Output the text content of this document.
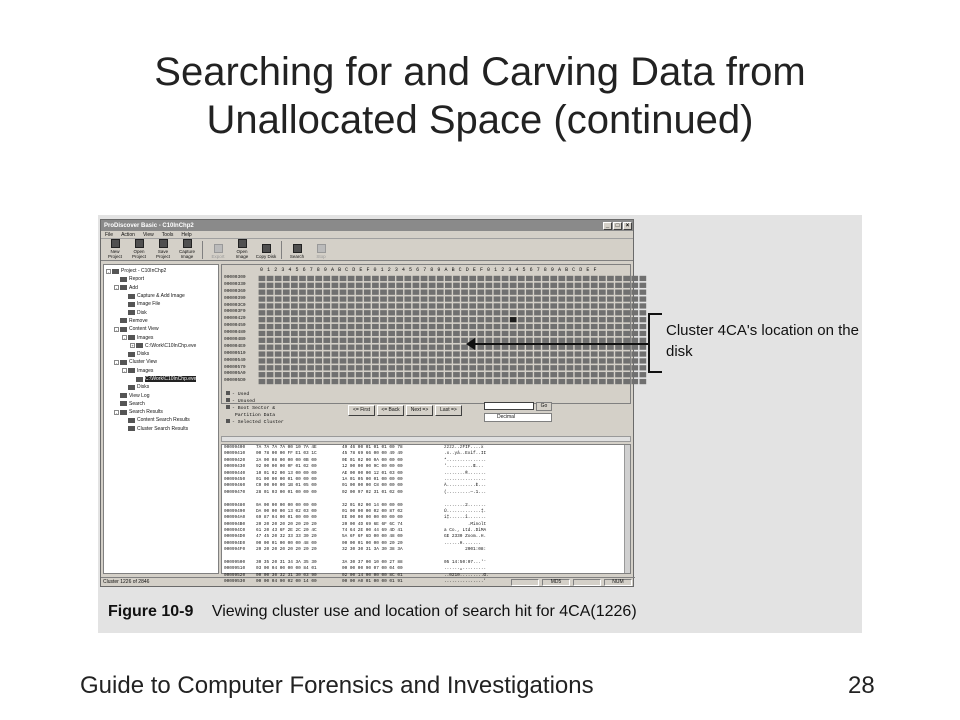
Searching for and Carving Data from
Unallocated Space (continued)
ProDiscover Basic - C10InChp2	_	□	×
File Action View Tools Help
New Project
Open Project
Save Project
Capture Image	Export
Open Image	Copy Disk	Search	Stop
-	Project - C10InChp2
Report
-	Add
Capture & Add Image
Image File
Disk
Remove
-	Content View
-	Images
+ C:\Work\C10InChp.eve
Disks
-	Cluster View
-	Images
C:\Work\C10InChp.eve
Disks
View Log
Search
-	Search Results
Content Search Results
Cluster Search Results
0 1 2 3 4 5 6 7 8 9 A B C D E F 0 1 2 3 4 5 6 7 8 9 A B C D E F 0 1 2 3 4 5 6 7 8 9 A B C D E F
00000300
00000330
00000360
00000390
000003C0
000003F0
00000420
00000450
00000480
000004B0
000004E0
00000510
00000540
00000570
000005A0
000005D0
- Used
- Unused
- Boot Sector &
Partition Data
- Selected Cluster
<= First	<= Back	Next =>	Last =>
Go
Decimal
00099400	7A 7A 7A 7A 00 10 7A 4E	49 46 00 01 01 01 00 78	zzzz..zFIF....x
00099410	00 78 00 00 FF E1 03 1C	45 78 69 66 00 00 49 49	.x..yá..Exif..II
00099420	2A 00 08 00 00 00 0B 00	0E 01 02 00 0A 00 00 00	*...............
00099430	92 00 00 00 0F 01 02 00	12 00 00 00 9C 00 00 00	'..........Œ...
00099440	10 01 02 00 13 00 00 00	AE 00 00 00 12 01 03 00	........®.......
00099450	01 00 00 00 01 00 00 00	1A 01 05 00 01 00 00 00	................
00099460	C0 00 00 00 1B 01 05 00	01 00 00 00 C8 00 00 00	À...........È...
00099470	28 01 03 00 01 00 00 00	02 00 97 02 31 01 02 00	(.........—.1...
00099480	0A 00 00 00 00 00 00 00	32 01 02 00 14 00 00 00	........2.......
00099490	DA 00 00 00 13 02 03 00	01 00 00 00 02 00 87 02	Ú.............‡.
000994A0	69 87 04 00 01 00 00 00	EE 00 00 00 00 00 00 00	i‡......î.......
000994B0	20 20 20 20 20 20 20 20	20 00 4D 69 6E 6F 6C 74	.Minolt
000994C0	61 20 43 6F 2E 2C 20 4C	74 64 2E 00 44 69 4D 41	a Co., Ltd..DiMA
000994D0	47 45 20 32 33 33 30 20	5A 6F 6F 6D 00 00 48 00	GE 2330 Zoom..H.
000994E0	00 00 01 00 00 00 48 00	00 00 01 00 00 00 20 20	......H.......
000994F0	20 20 20 20 20 20 20 20	32 30 30 31 3A 30 38 3A	2001:08:
00099500	30 35 20 31 34 3A 35 30	3A 30 37 00 10 00 27 88	05 14:50:07...'ˆ
00099510	03 00 04 00 00 00 84 01	00 00 00 90 07 00 04 00	......„.........
00099520	00 00 30 32 31 30 03 90	02 00 14 00 00 00 8C 01	..0210.........Œ.
00099530	00 00 04 90 02 00 14 00	00 00 A0 01 00 00 01 91	...............'
Cluster 1226 of 2846	MD5	NUM
Cluster 4CA's location on the disk
Figure 10-9 Viewing cluster use and location of search hit for 4CA(1226)
Guide to Computer Forensics and Investigations	28
